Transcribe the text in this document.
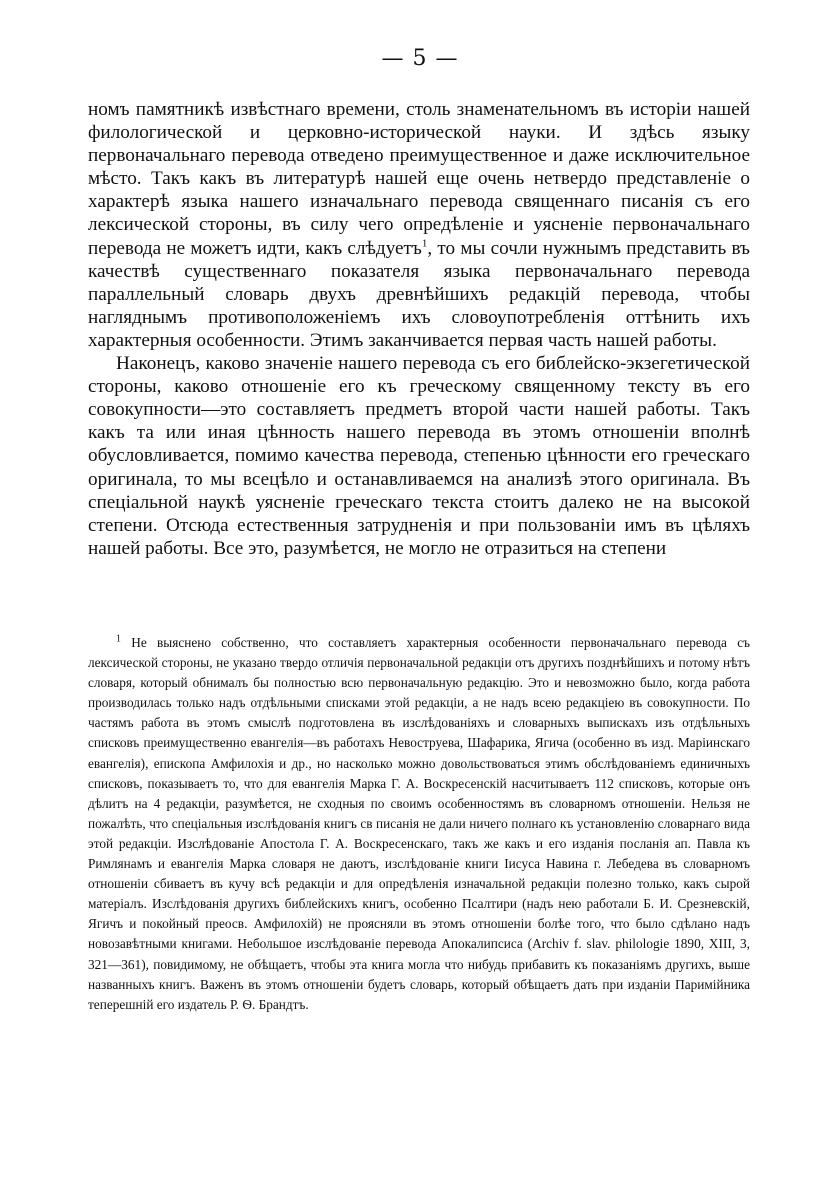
— 5 —

номъ памятникѣ извѣстнаго времени, столь знаменательномъ въ исторіи нашей филологической и церковно-исторической науки. И здѣсь языку первоначальнаго перевода отведено преимущественное и даже исключительное мѣсто. Такъ какъ въ литературѣ нашей еще очень нетвердо представленіе о характерѣ языка нашего изначальнаго перевода священнаго писанія съ его лексической стороны, въ силу чего опредѣленіе и уясненіе первоначальнаго перевода не можетъ идти, какъ слѣдуетъ$^1$, то мы сочли нужнымъ представить въ качествѣ существеннаго показателя языка первоначальнаго перевода параллельный словарь двухъ древнѣйшихъ редакцій перевода, чтобы нагляднымъ противоположеніемъ ихъ словоупотребленія оттѣнить ихъ характерныя особенности. Этимъ заканчивается первая часть нашей работы.

Наконецъ, каково значеніе нашего перевода съ его библейско-экзегетической стороны, каково отношеніе его къ греческому священному тексту въ его совокупности—это составляетъ предметъ второй части нашей работы. Такъ какъ та или иная цѣнность нашего перевода въ этомъ отношеніи вполнѣ обусловливается, помимо качества перевода, степенью цѣнности его греческаго оригинала, то мы всецѣло и останавливаемся на анализѣ этого оригинала. Въ спеціальной наукѣ уясненіе греческаго текста стоитъ далеко не на высокой степени. Отсюда естественныя затрудненія и при пользованіи имъ въ цѣляхъ нашей работы. Все это, разумѣется, не могло не отразиться на степени

$^1$ Не выяснено собственно, что составляетъ характерныя особенности первоначальнаго перевода съ лексической стороны, не указано твердо отличія первоначальной редакціи отъ другихъ позднѣйшихъ и потому нѣтъ словаря, который обнималъ бы полностью всю первоначальную редакцію. Это и невозможно было, когда работа производилась только надъ отдѣльными списками этой редакціи, а не надъ всею редакціею въ совокупности. По частямъ работа въ этомъ смыслѣ подготовлена въ изслѣдованіяхъ и словарныхъ выпискахъ изъ отдѣльныхъ списковъ преимущественно евангелія—въ работахъ Невоструева, Шафарика, Ягича (особенно въ изд. Маріинскаго евангелія), епископа Амфилохія и др., но насколько можно довольствоваться этимъ обслѣдованіемъ единичныхъ списковъ, показываетъ то, что для евангелія Марка Г. А. Воскресенскій насчитываетъ 112 списковъ, которые онъ дѣлитъ на 4 редакціи, разумѣется, не сходныя по своимъ особенностямъ въ словарномъ отношеніи. Нельзя не пожалѣть, что спеціальныя изслѣдованія книгъ св писанія не дали ничего полнаго къ установленію словарнаго вида этой редакціи. Изслѣдованіе Апостола Г. А. Воскресенскаго, такъ же какъ и его изданія посланія ап. Павла къ Римлянамъ и евангелія Марка словаря не даютъ, изслѣдованіе книги Іисуса Навина г. Лебедева въ словарномъ отношеніи сбиваетъ въ кучу всѣ редакціи и для опредѣленія изначальной редакціи полезно только, какъ сырой матеріалъ. Изслѣдованія другихъ библейскихъ книгъ, особенно Псалтири (надъ нею работали Б. И. Срезневскій, Ягичъ и покойный преосв. Амфилохій) не проясняли въ этомъ отношеніи болѣе того, что было сдѣлано надъ новозавѣтными книгами. Небольшое изслѣдованіе перевода Апокалипсиса (Archiv f. slav. philologie 1890, XIII, 3, 321—361), повидимому, не обѣщаетъ, чтобы эта книга могла что нибудь прибавить къ показаніямъ другихъ, выше названныхъ книгъ. Важенъ въ этомъ отношеніи будетъ словарь, который обѣщаетъ дать при изданіи Паримійника теперешній его издатель Р. Ѳ. Брандтъ.
